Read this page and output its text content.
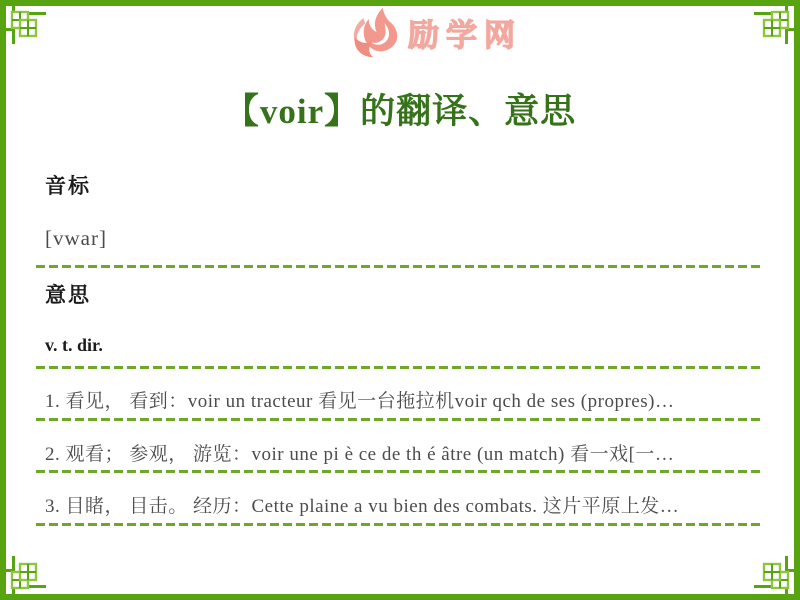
励学网
【voir】的翻译、意思
音标
[vwar]
意思
v. t. dir.
1. 看见， 看到：voir un tracteur 看见一台拖拉机voir qch de ses (propres)…
2. 观看； 参观， 游览：voir une pi è ce de th é âtre (un match) 看一戏[一…
3. 目睹， 目击。 经历：Cette plaine a vu bien des combats. 这片平原上发…
